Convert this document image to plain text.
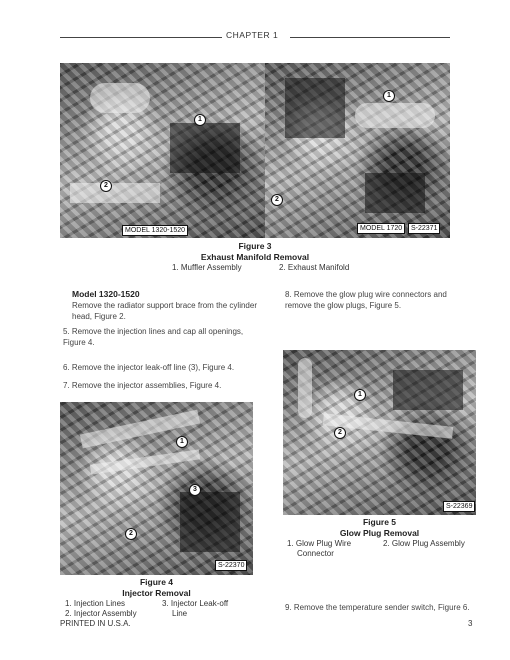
CHAPTER 1
1
2
MODEL 1320-1520
1
2
MODEL 1720	S-22371
Figure 3
Exhaust Manifold Removal
1. Muffler Assembly	2. Exhaust Manifold
Model 1320-1520
Remove the radiator support brace from the cylinder head, Figure 2.
5. Remove the injection lines and cap all openings, Figure 4.
6. Remove the injector leak-off line (3), Figure 4.
7. Remove the injector assemblies, Figure 4.
1
3
2
S-22370
Figure 4
Injector Removal
1. Injection Lines
2. Injector Assembly
3. Injector Leak-off
Line
8. Remove the glow plug wire connectors and remove the glow plugs, Figure 5.
1
2
S-22369
Figure 5
Glow Plug Removal
1. Glow Plug Wire
Connector
2. Glow Plug Assembly
9. Remove the temperature sender switch, Figure 6.
PRINTED IN U.S.A.	3
